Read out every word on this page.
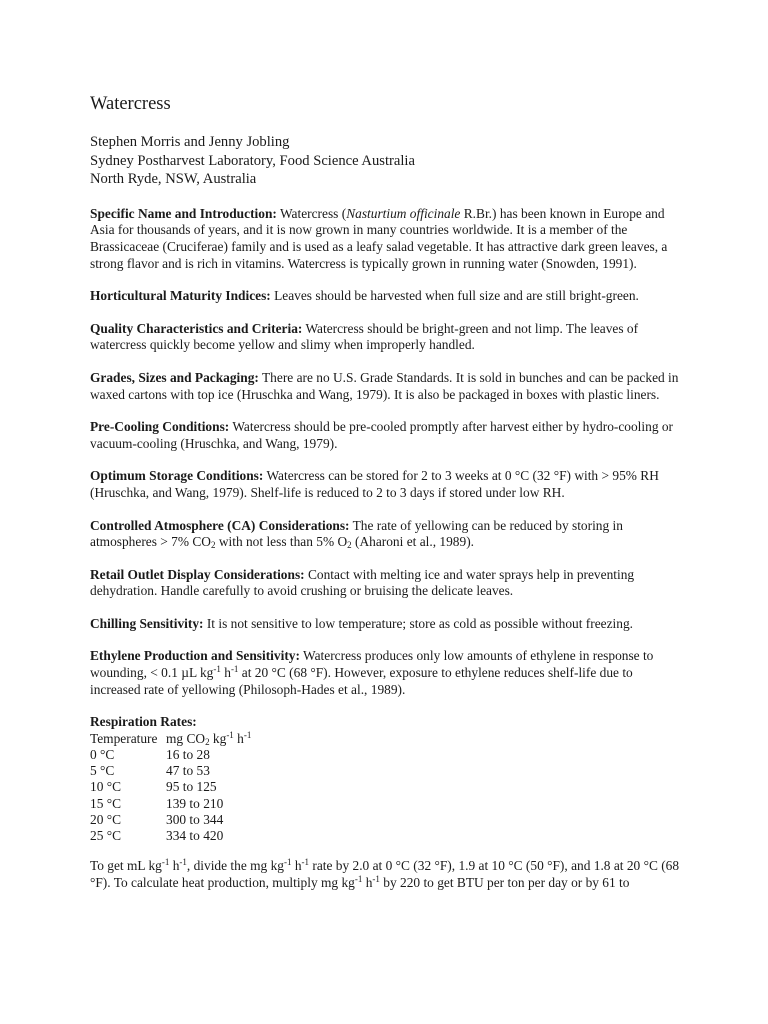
Watercress
Stephen Morris and Jenny Jobling
Sydney Postharvest Laboratory, Food Science Australia
North Ryde, NSW, Australia

Specific Name and Introduction: Watercress (Nasturtium officinale R.Br.) has been known in Europe and Asia for thousands of years, and it is now grown in many countries worldwide. It is a member of the Brassicaceae (Cruciferae) family and is used as a leafy salad vegetable. It has attractive dark green leaves, a strong flavor and is rich in vitamins. Watercress is typically grown in running water (Snowden, 1991).

Horticultural Maturity Indices: Leaves should be harvested when full size and are still bright-green.

Quality Characteristics and Criteria: Watercress should be bright-green and not limp. The leaves of watercress quickly become yellow and slimy when improperly handled.

Grades, Sizes and Packaging: There are no U.S. Grade Standards. It is sold in bunches and can be packed in waxed cartons with top ice (Hruschka and Wang, 1979). It is also be packaged in boxes with plastic liners.

Pre-Cooling Conditions: Watercress should be pre-cooled promptly after harvest either by hydro-cooling or vacuum-cooling (Hruschka, and Wang, 1979).

Optimum Storage Conditions: Watercress can be stored for 2 to 3 weeks at 0 °C (32 °F) with > 95% RH (Hruschka, and Wang, 1979). Shelf-life is reduced to 2 to 3 days if stored under low RH.

Controlled Atmosphere (CA) Considerations: The rate of yellowing can be reduced by storing in atmospheres > 7% $CO_2$ with not less than 5% $O_2$ (Aharoni et al., 1989).

Retail Outlet Display Considerations: Contact with melting ice and water sprays help in preventing dehydration. Handle carefully to avoid crushing or bruising the delicate leaves.

Chilling Sensitivity: It is not sensitive to low temperature; store as cold as possible without freezing.

Ethylene Production and Sensitivity: Watercress produces only low amounts of ethylene in response to wounding, < 0.1 µL $kg^{-1}$ $h^{-1}$ at 20 °C (68 °F). However, exposure to ethylene reduces shelf-life due to increased rate of yellowing (Philosoph-Hades et al., 1989).

Respiration Rates:

Temperature	mg $CO_2$ $kg^{-1}$ $h^{-1}$
0 °C	16 to 28
5 °C	47 to 53
10 °C	95 to 125
15 °C	139 to 210
20 °C	300 to 344
25 °C	334 to 420

To get mL $kg^{-1}$ $h^{-1}$, divide the mg $kg^{-1}$ $h^{-1}$ rate by 2.0 at 0 °C (32 °F), 1.9 at 10 °C (50 °F), and 1.8 at 20 °C (68 °F). To calculate heat production, multiply mg $kg^{-1}$ $h^{-1}$ by 220 to get BTU per ton per day or by 61 to
